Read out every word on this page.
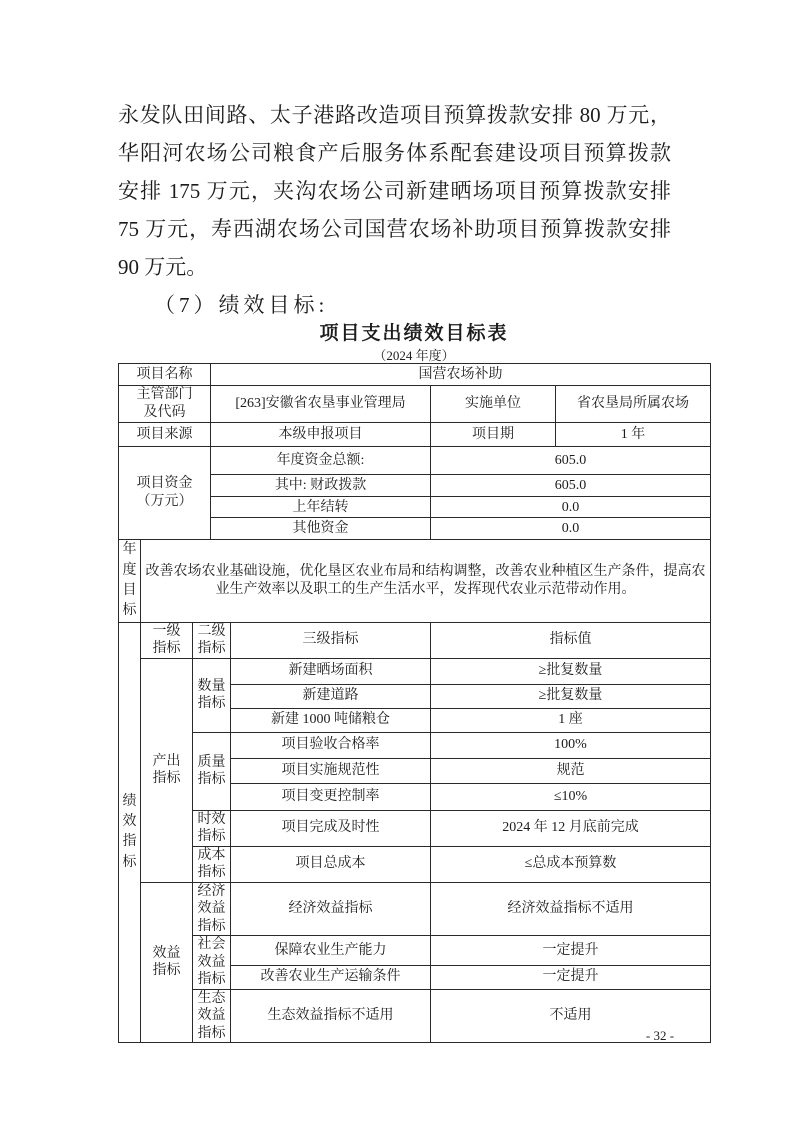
永发队田间路、太子港路改造项目预算拨款安排 80 万元，
华阳河农场公司粮食产后服务体系配套建设项目预算拨款
安排 175 万元，夹沟农场公司新建晒场项目预算拨款安排
75 万元，寿西湖农场公司国营农场补助项目预算拨款安排
90 万元。
（7）绩效目标:
项目支出绩效目标表
（2024 年度）
项目名称			国营农场补助			
主管部门及代码			[263]安徽省农垦事业管理局		实施单位	省农垦局所属农场
项目来源			本级申报项目		项目期	1 年
项目资金（万元）			年度资金总额:		605.0	
			其中: 财政拨款		605.0	
			上年结转		0.0	
			其他资金		0.0	
年度目标	改善农场农业基础设施，优化垦区农业布局和结构调整，改善农业种植区生产条件，提高农业生产效率以及职工的生产生活水平，发挥现代农业示范带动作用。					
绩效指标	一级指标	二级指标		三级指标	指标值	
	产出指标	数量指标		新建晒场面积	≥批复数量	
				新建道路	≥批复数量	
				新建 1000 吨储粮仓	1 座	
		质量指标		项目验收合格率	100%	
				项目实施规范性	规范	
				项目变更控制率	≤10%	
		时效指标		项目完成及时性	2024 年 12 月底前完成	
		成本指标		项目总成本	≤总成本预算数	
	效益指标	经济效益指标		经济效益指标	经济效益指标不适用	
		社会效益指标		保障农业生产能力	一定提升	
				改善农业生产运输条件	一定提升	
		生态效益指标		生态效益指标不适用	不适用	
- 32 -
